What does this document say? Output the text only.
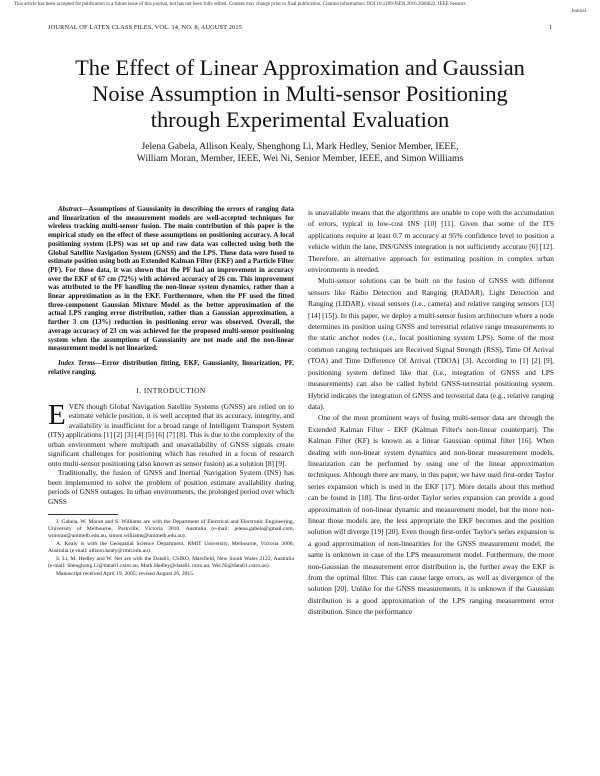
This article has been accepted for publication in a future issue of this journal, but has not been fully edited. Content may change prior to final publication. Citation information: DOI 10.1109/JSEN.2016.2606822, IEEE Sensors
Journal
JOURNAL OF LATEX CLASS FILES, VOL. 14, NO. 8, AUGUST 2015	1
The Effect of Linear Approximation and Gaussian
Noise Assumption in Multi-sensor Positioning
through Experimental Evaluation
Jelena Gabela, Allison Kealy, Shenghong Li, Mark Hedley, Senior Member, IEEE,
William Moran, Member, IEEE, Wei Ni, Senior Member, IEEE, and Simon Williams

Abstract—Assumptions of Gaussianity in describing the errors of ranging data and linearization of the measurement models are well-accepted techniques for wireless tracking multi-sensor fusion. The main contribution of this paper is the empirical study on the effect of these assumptions on positioning accuracy. A local positioning system (LPS) was set up and raw data was collected using both the Global Satellite Navigation System (GNSS) and the LPS. These data were fused to estimate position using both an Extended Kalman Filter (EKF) and a Particle Filter (PF). For these data, it was shown that the PF had an improvement in accuracy over the EKF of 67 cm (72%) with achieved accuracy of 26 cm. This improvement was attributed to the PF handling the non-linear system dynamics, rather than a linear approximation as in the EKF. Furthermore, when the PF used the fitted three-component Gaussian Mixture Model as the better approximation of the actual LPS ranging error distribution, rather than a Gaussian approximation, a further 3 cm (13%) reduction in positioning error was observed. Overall, the average accuracy of 23 cm was achieved for the proposed multi-sensor positioning system when the assumptions of Gaussianity are not made and the non-linear measurement model is not linearized.

Index Terms—Error distribution fitting, EKF, Gaussianity, linearization, PF, relative ranging.

I. INTRODUCTION

EVEN though Global Navigation Satellite Systems (GNSS) are relied on to estimate vehicle position, it is well accepted that its accuracy, integrity, and availability is insufficient for a broad range of Intelligent Transport System (ITS) applications [1] [2] [3] [4] [5] [6] [7] [8]. This is due to the complexity of the urban environment where multipath and unavailability of GNSS signals create significant challenges for positioning which has resulted in a focus of research onto multi-sensor positioning (also known as sensor fusion) as a solution [8] [9].

Traditionally, the fusion of GNSS and Inertial Navigation System (INS) has been implemented to solve the problem of position estimate availability during periods of GNSS outages. In urban environments, the prolonged period over which GNSS

J. Gabela, W. Moran and S. Williams are with the Department of Electrical and Electronic Engineering, University of Melbourne, Parkville, Victoria 3010, Australia (e-mail: jelena.gabela@gmail.com, wmoran@unimelb.edu.au, simon.williams@unimelb.edu.au).

A. Kealy is with the Geospatial Science Department, RMIT University, Melbourne, Victoria 3000, Australia (e-mail: allison.kealy@rmit.edu.au).

S. Li, M. Hedley and W. Nei are with the Data61, CSIRO, Marsfield, New South Wales 2122, Australia (e-mail: Shenghong.Li@data61.csiro.au, Mark.Hedley@data61.csiro.au, Wei.Ni@data61.csiro.au).

Manuscript received April 19, 2005; revised August 26, 2015.

is unavailable means that the algorithms are unable to cope with the accumulation of errors, typical in low-cost INS [10] [11]. Given that some of the ITS applications require at least 0.7 m accuracy at 95% confidence level to position a vehicle within the lane, INS/GNSS integration is not sufficiently accurate [6] [12]. Therefore, an alternative approach for estimating position in complex urban environments is needed.

Multi-sensor solutions can be built on the fusion of GNSS with different sensors like Radio Detection and Ranging (RADAR), Light Detection and Ranging (LIDAR), visual sensors (i.e., camera) and relative ranging sensors [13] [14] [15]). In this paper, we deploy a multi-sensor fusion architecture where a node determines its position using GNSS and terrestrial relative range measurements to the static anchor nodes (i.e., local positioning system LPS). Some of the most common ranging techniques are Received Signal Strength (RSS), Time Of Arrival (TOA) and Time Difference Of Arrival (TDOA) [3]. According to [1] [2] [9], positioning system defined like that (i.e., integration of GNSS and LPS measurements) can also be called hybrid GNSS-terrestrial positioning system. Hybrid indicates the integration of GNSS and terrestrial data (e.g., relative ranging data).

One of the most prominent ways of fusing multi-sensor data are through the Extended Kalman Filter - EKF (Kalman Filter's non-linear counterpart). The Kalman Filter (KF) is known as a linear Gaussian optimal filter [16]. When dealing with non-linear system dynamics and non-linear measurement models, linearization can be performed by using one of the linear approximation techniques. Although there are many, in this paper, we have used first-order Taylor series expansion which is used in the EKF [17]. More details about this method can be found in [18]. The first-order Taylor series expansion can provide a good approximation of non-linear dynamic and measurement model, but the more non-linear those models are, the less appropriate the EKF becomes and the position solution will diverge [19] [20]. Even though first-order Taylor's series expansion is a good approximation of non-linearities for the GNSS measurement model, the same is unknown in case of the LPS measurement model. Furthermore, the more non-Gaussian the measurement error distribution is, the further away the EKF is from the optimal filter. This can cause large errors, as well as divergence of the solution [20]. Unlike for the GNSS measurements, it is unknown if the Gaussian distribution is a good approximation of the LPS ranging measurement error distribution. Since the performance
